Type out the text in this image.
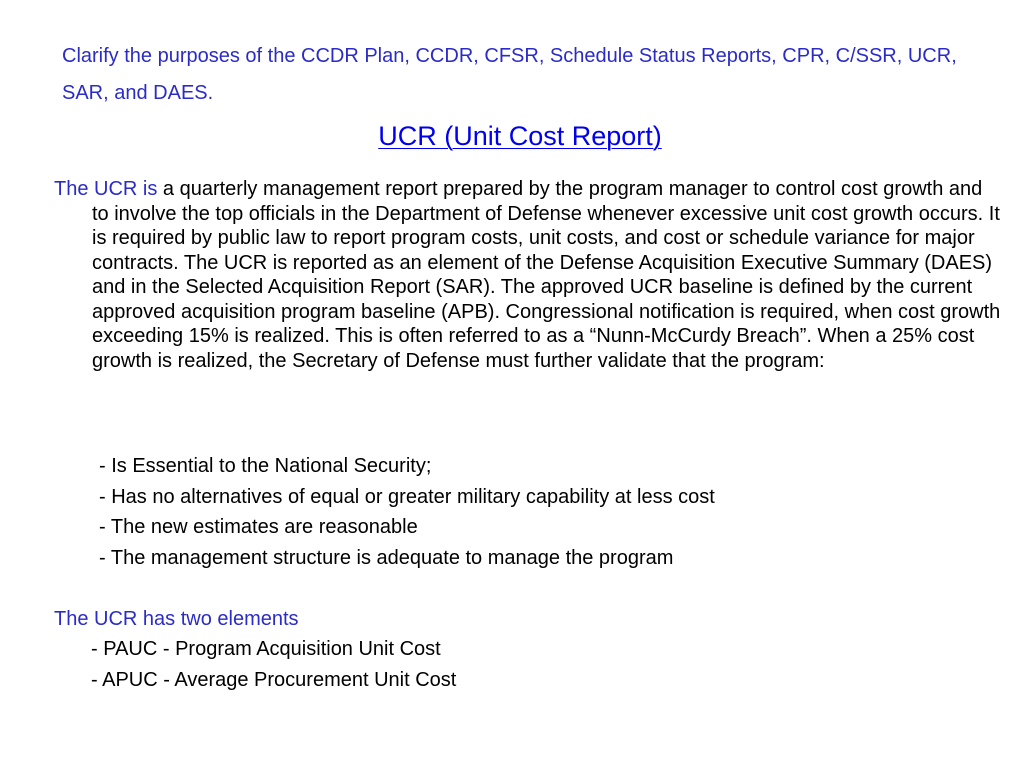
Clarify the purposes of the CCDR Plan, CCDR, CFSR, Schedule Status Reports, CPR, C/SSR, UCR, SAR, and DAES.
UCR (Unit Cost Report)
The UCR is a quarterly management report prepared by the program manager to control cost growth and to involve the top officials in the Department of Defense whenever excessive unit cost growth occurs. It is required by public law to report program costs, unit costs, and cost or schedule variance for major contracts. The UCR is reported as an element of the Defense Acquisition Executive Summary (DAES) and in the Selected Acquisition Report (SAR). The approved UCR baseline is defined by the current approved acquisition program baseline (APB). Congressional notification is required, when cost growth exceeding 15% is realized. This is often referred to as a “Nunn-McCurdy Breach”. When a 25% cost growth is realized, the Secretary of Defense must further validate that the program:
- Is Essential to the National Security;
- Has no alternatives of equal or greater military capability at less cost
- The new estimates are reasonable
- The management structure is adequate to manage the program
The UCR has two elements
- PAUC - Program Acquisition Unit Cost
- APUC - Average Procurement Unit Cost
